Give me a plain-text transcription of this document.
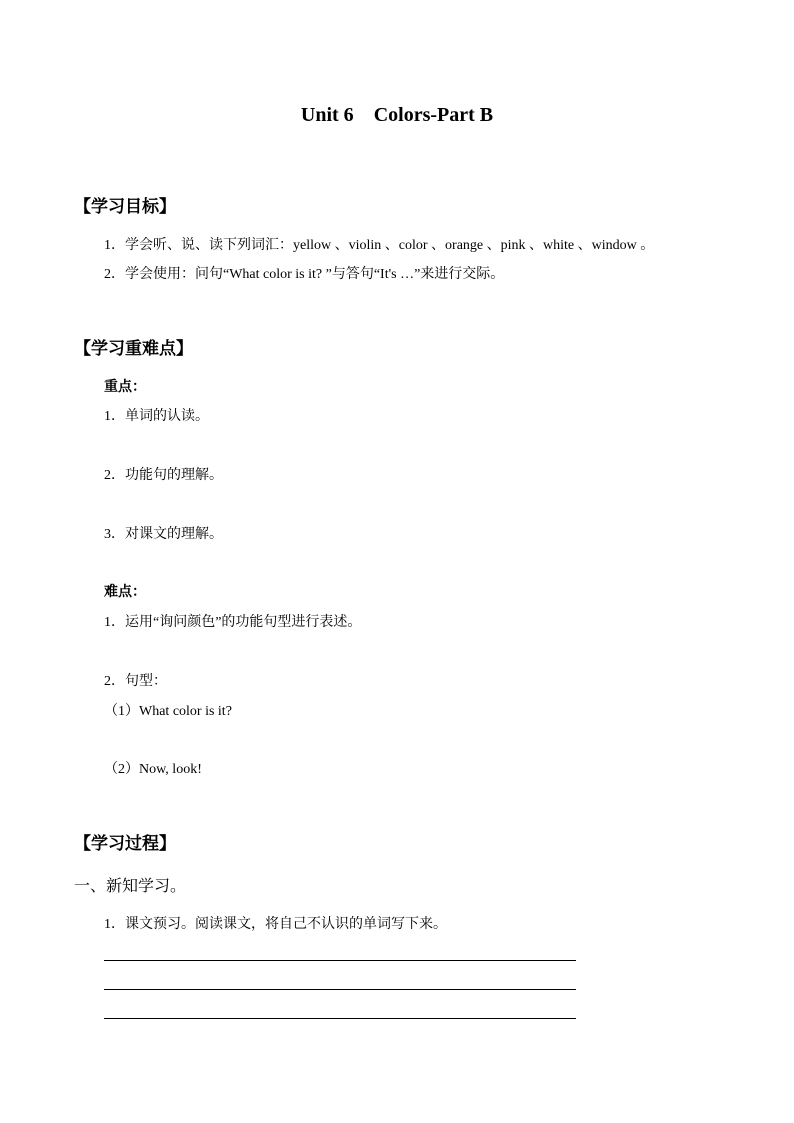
Unit 6 Colors-Part B
【学习目标】
1．学会听、说、读下列词汇：yellow 、violin 、color 、orange 、pink 、white 、window 。
2．学会使用：问句“What color is it? ”与答句“It's …”来进行交际。
【学习重难点】
重点：
1．单词的认读。
2．功能句的理解。
3．对课文的理解。
难点：
1．运用“询问颜色”的功能句型进行表述。
2．句型：
（1）What color is it?
（2）Now, look!
【学习过程】
一、新知学习。
1．课文预习。阅读课文，将自己不认识的单词写下来。
